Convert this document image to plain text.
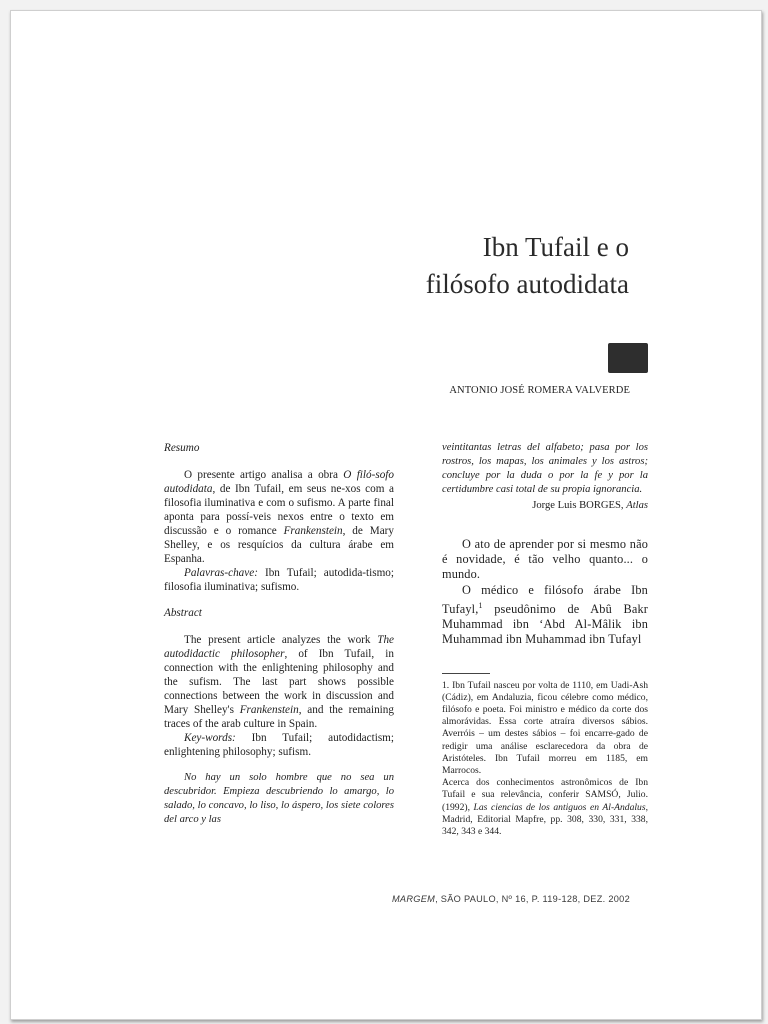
Ibn Tufail e o
filósofo autodidata
ANTONIO JOSÉ ROMERA VALVERDE

Resumo

O presente artigo analisa a obra O filó-sofo autodidata, de Ibn Tufail, em seus ne-xos com a filosofia iluminativa e com o sufismo. A parte final aponta para possí-veis nexos entre o texto em discussão e o romance Frankenstein, de Mary Shelley, e os resquícios da cultura árabe em Espanha.

Palavras-chave: Ibn Tufail; autodida-tismo; filosofia iluminativa; sufismo.

Abstract

The present article analyzes the work The autodidactic philosopher, of Ibn Tufail, in connection with the enlightening philosophy and the sufism. The last part shows possible connections between the work in discussion and Mary Shelley's Frankenstein, and the remaining traces of the arab culture in Spain.

Key-words: Ibn Tufail; autodidactism; enlightening philosophy; sufism.

No hay un solo hombre que no sea un descubridor. Empieza descubriendo lo amargo, lo salado, lo concavo, lo liso, lo áspero, los siete colores del arco y las

veintitantas letras del alfabeto; pasa por los rostros, los mapas, los animales y los astros; concluye por la duda o por la fe y por la certidumbre casi total de su propia ignorancia.

Jorge Luis BORGES, Atlas

O ato de aprender por si mesmo não é novidade, é tão velho quanto... o mundo.

O médico e filósofo árabe Ibn Tufayl,$^1$ pseudônimo de Abû Bakr Muhammad ibn ‘Abd Al-Mâlik ibn Muhammad ibn Muhammad ibn Tufayl

1. Ibn Tufail nasceu por volta de 1110, em Uadi-Ash (Cádiz), em Andaluzia, ficou célebre como médico, filósofo e poeta. Foi ministro e médico da corte dos almorávidas. Essa corte atraíra diversos sábios. Averróis – um destes sábios – foi encarre-gado de redigir uma análise esclarecedora da obra de Aristóteles. Ibn Tufail morreu em 1185, em Marrocos.

Acerca dos conhecimentos astronômicos de Ibn Tufail e sua relevância, conferir SAMSÓ, Julio. (1992), Las ciencias de los antiguos en Al-Andalus, Madrid, Editorial Mapfre, pp. 308, 330, 331, 338, 342, 343 e 344.

MARGEM, SÃO PAULO, Nº 16, P. 119-128, DEZ. 2002
